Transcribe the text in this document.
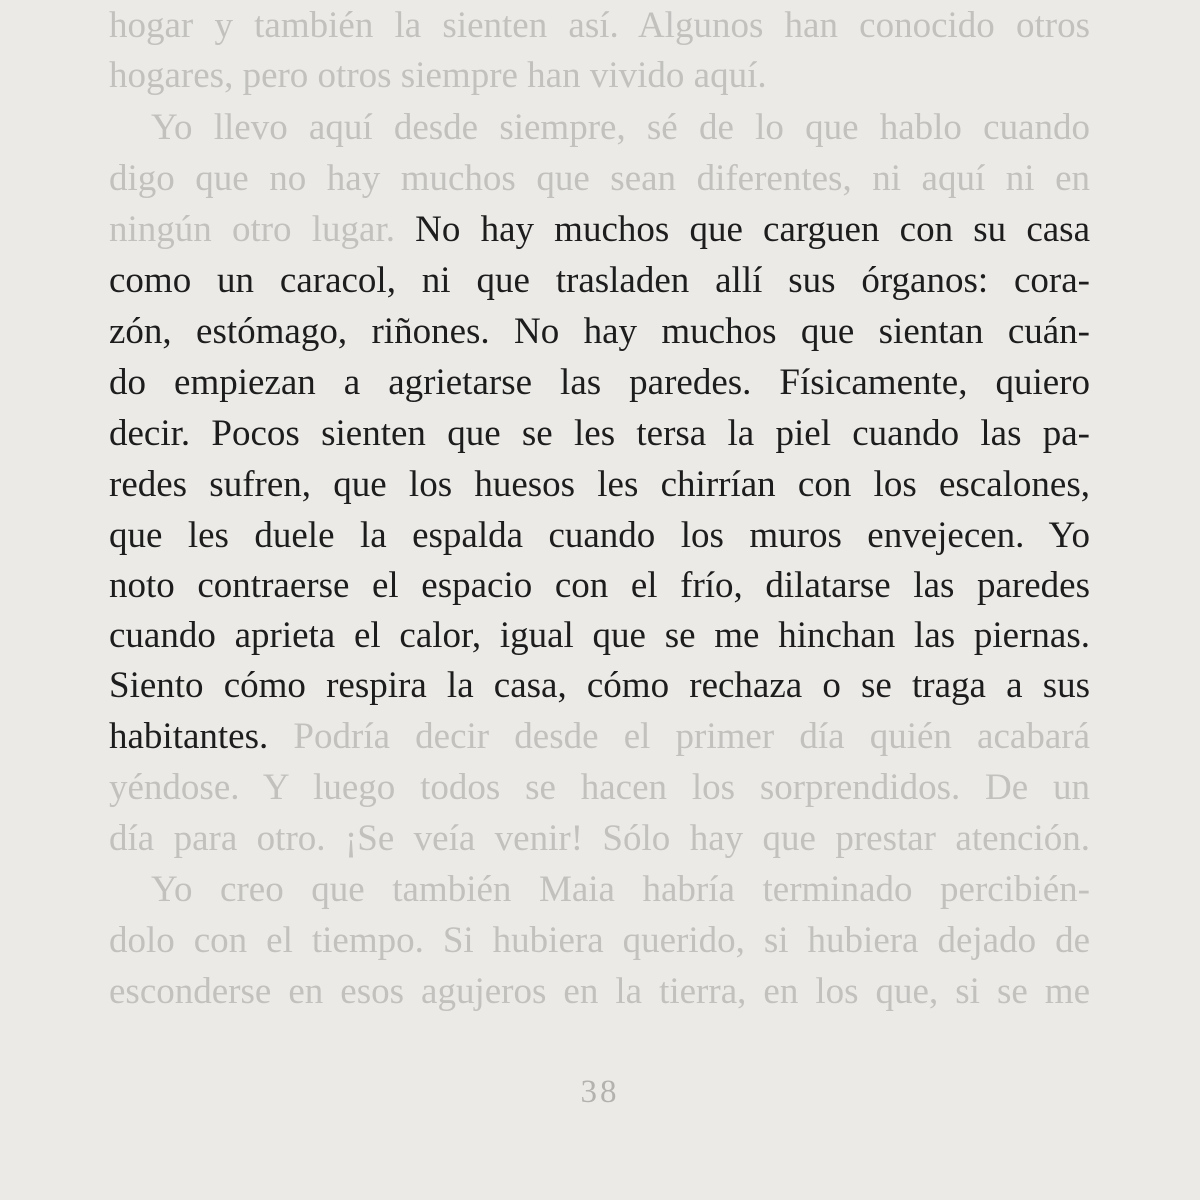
hogar y también la sienten así. Algunos han conocido otros
hogares, pero otros siempre han vivido aquí.
Yo llevo aquí desde siempre, sé de lo que hablo cuando
digo que no hay muchos que sean diferentes, ni aquí ni en
ningún otro lugar. No hay muchos que carguen con su casa
como un caracol, ni que trasladen allí sus órganos: cora-
zón, estómago, riñones. No hay muchos que sientan cuán-
do empiezan a agrietarse las paredes. Físicamente, quiero
decir. Pocos sienten que se les tersa la piel cuando las pa-
redes sufren, que los huesos les chirrían con los escalones,
que les duele la espalda cuando los muros envejecen. Yo
noto contraerse el espacio con el frío, dilatarse las paredes
cuando aprieta el calor, igual que se me hinchan las piernas.
Siento cómo respira la casa, cómo rechaza o se traga a sus
habitantes. Podría decir desde el primer día quién acabará
yéndose. Y luego todos se hacen los sorprendidos. De un
día para otro. ¡Se veía venir! Sólo hay que prestar atención.
Yo creo que también Maia habría terminado percibién-
dolo con el tiempo. Si hubiera querido, si hubiera dejado de
esconderse en esos agujeros en la tierra, en los que, si se me
38
